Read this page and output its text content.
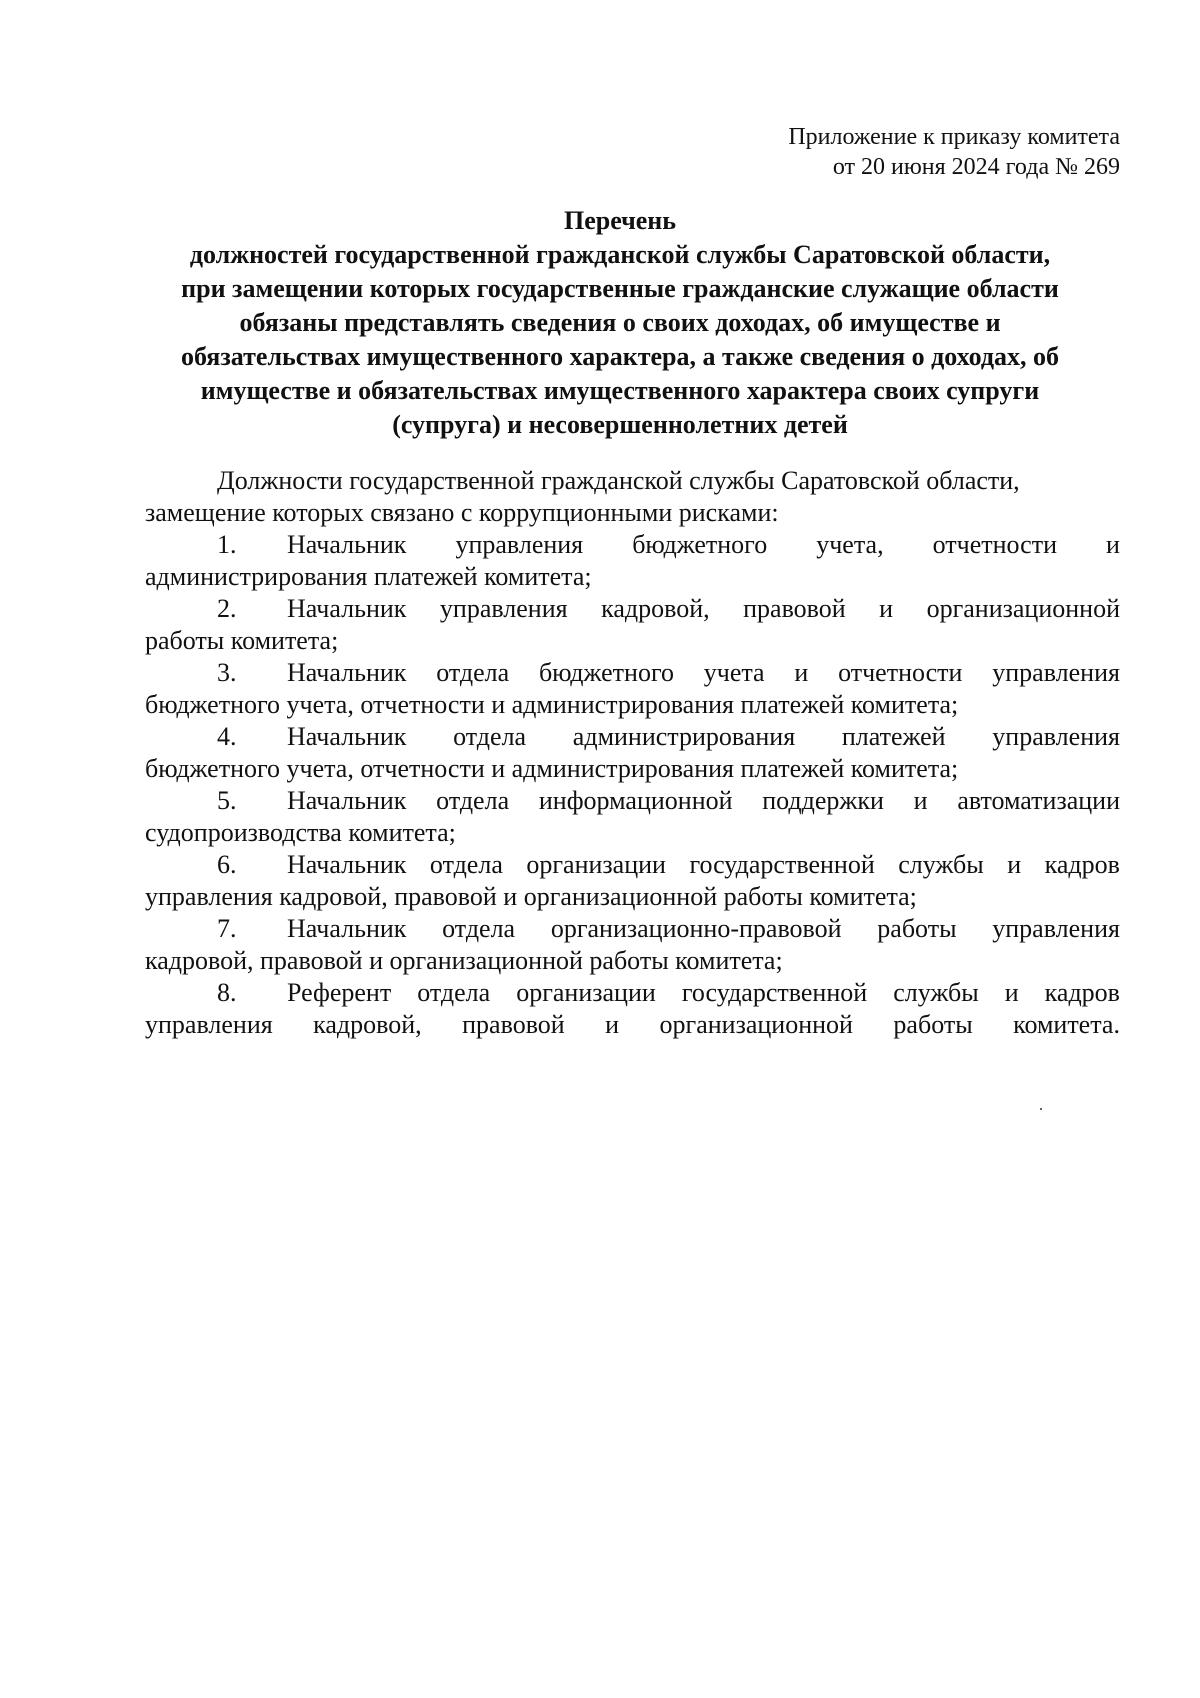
Приложение к приказу комитета
от 20 июня 2024 года № 269
Перечень
должностей государственной гражданской службы Саратовской области,
при замещении которых государственные гражданские служащие области
обязаны представлять сведения о своих доходах, об имуществе и
обязательствах имущественного характера, а также сведения о доходах, об
имуществе и обязательствах имущественного характера своих супруги
(супруга) и несовершеннолетних детей
Должности государственной гражданской службы Саратовской области,
замещение которых связано с коррупционными рисками:
1.	Начальник управления бюджетного учета, отчетности и
администрирования платежей комитета;
2.	Начальник управления кадровой, правовой и организационной
работы комитета;
3.	Начальник отдела бюджетного учета и отчетности управления
бюджетного учета, отчетности и администрирования платежей комитета;
4.	Начальник отдела администрирования платежей управления
бюджетного учета, отчетности и администрирования платежей комитета;
5.	Начальник отдела информационной поддержки и автоматизации
судопроизводства комитета;
6.	Начальник отдела организации государственной службы и кадров
управления кадровой, правовой и организационной работы комитета;
7.	Начальник отдела организационно-правовой работы управления
кадровой, правовой и организационной работы комитета;
8.	Референт отдела организации государственной службы и кадров
управления кадровой, правовой и организационной работы комитета.
